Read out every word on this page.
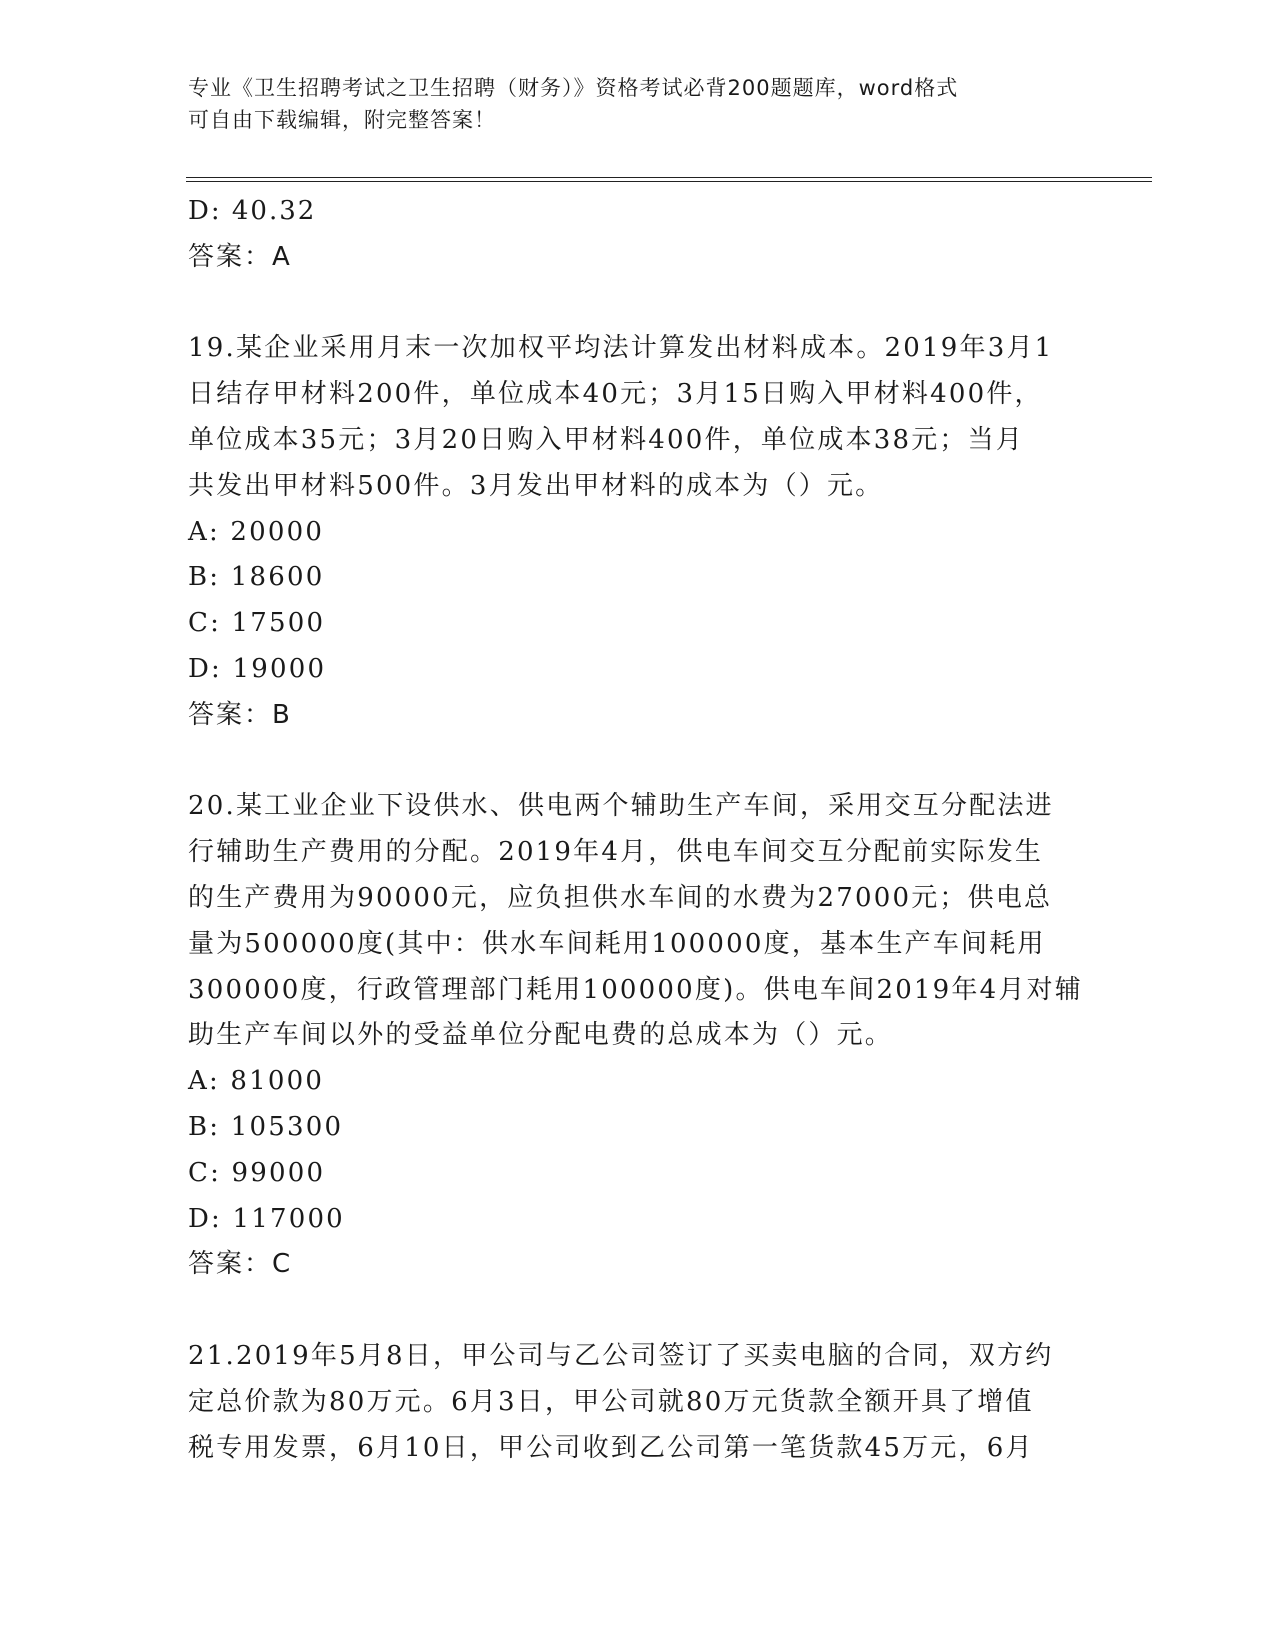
专业《卫生招聘考试之卫生招聘（财务）》资格考试必背200题题库，word格式
可自由下载编辑，附完整答案！
D: 40.32
答案：A
19.某企业采用月末一次加权平均法计算发出材料成本。2019年3月1
日结存甲材料200件，单位成本40元；3月15日购入甲材料400件，
单位成本35元；3月20日购入甲材料400件，单位成本38元；当月
共发出甲材料500件。3月发出甲材料的成本为（）元。
A: 20000
B: 18600
C: 17500
D: 19000
答案：B
20.某工业企业下设供水、供电两个辅助生产车间，采用交互分配法进
行辅助生产费用的分配。2019年4月，供电车间交互分配前实际发生
的生产费用为90000元，应负担供水车间的水费为27000元；供电总
量为500000度(其中：供水车间耗用100000度，基本生产车间耗用
300000度，行政管理部门耗用100000度)。供电车间2019年4月对辅
助生产车间以外的受益单位分配电费的总成本为（）元。
A: 81000
B: 105300
C: 99000
D: 117000
答案：C
21.2019年5月8日，甲公司与乙公司签订了买卖电脑的合同，双方约
定总价款为80万元。6月3日，甲公司就80万元货款全额开具了增值
税专用发票，6月10日，甲公司收到乙公司第一笔货款45万元，6月
